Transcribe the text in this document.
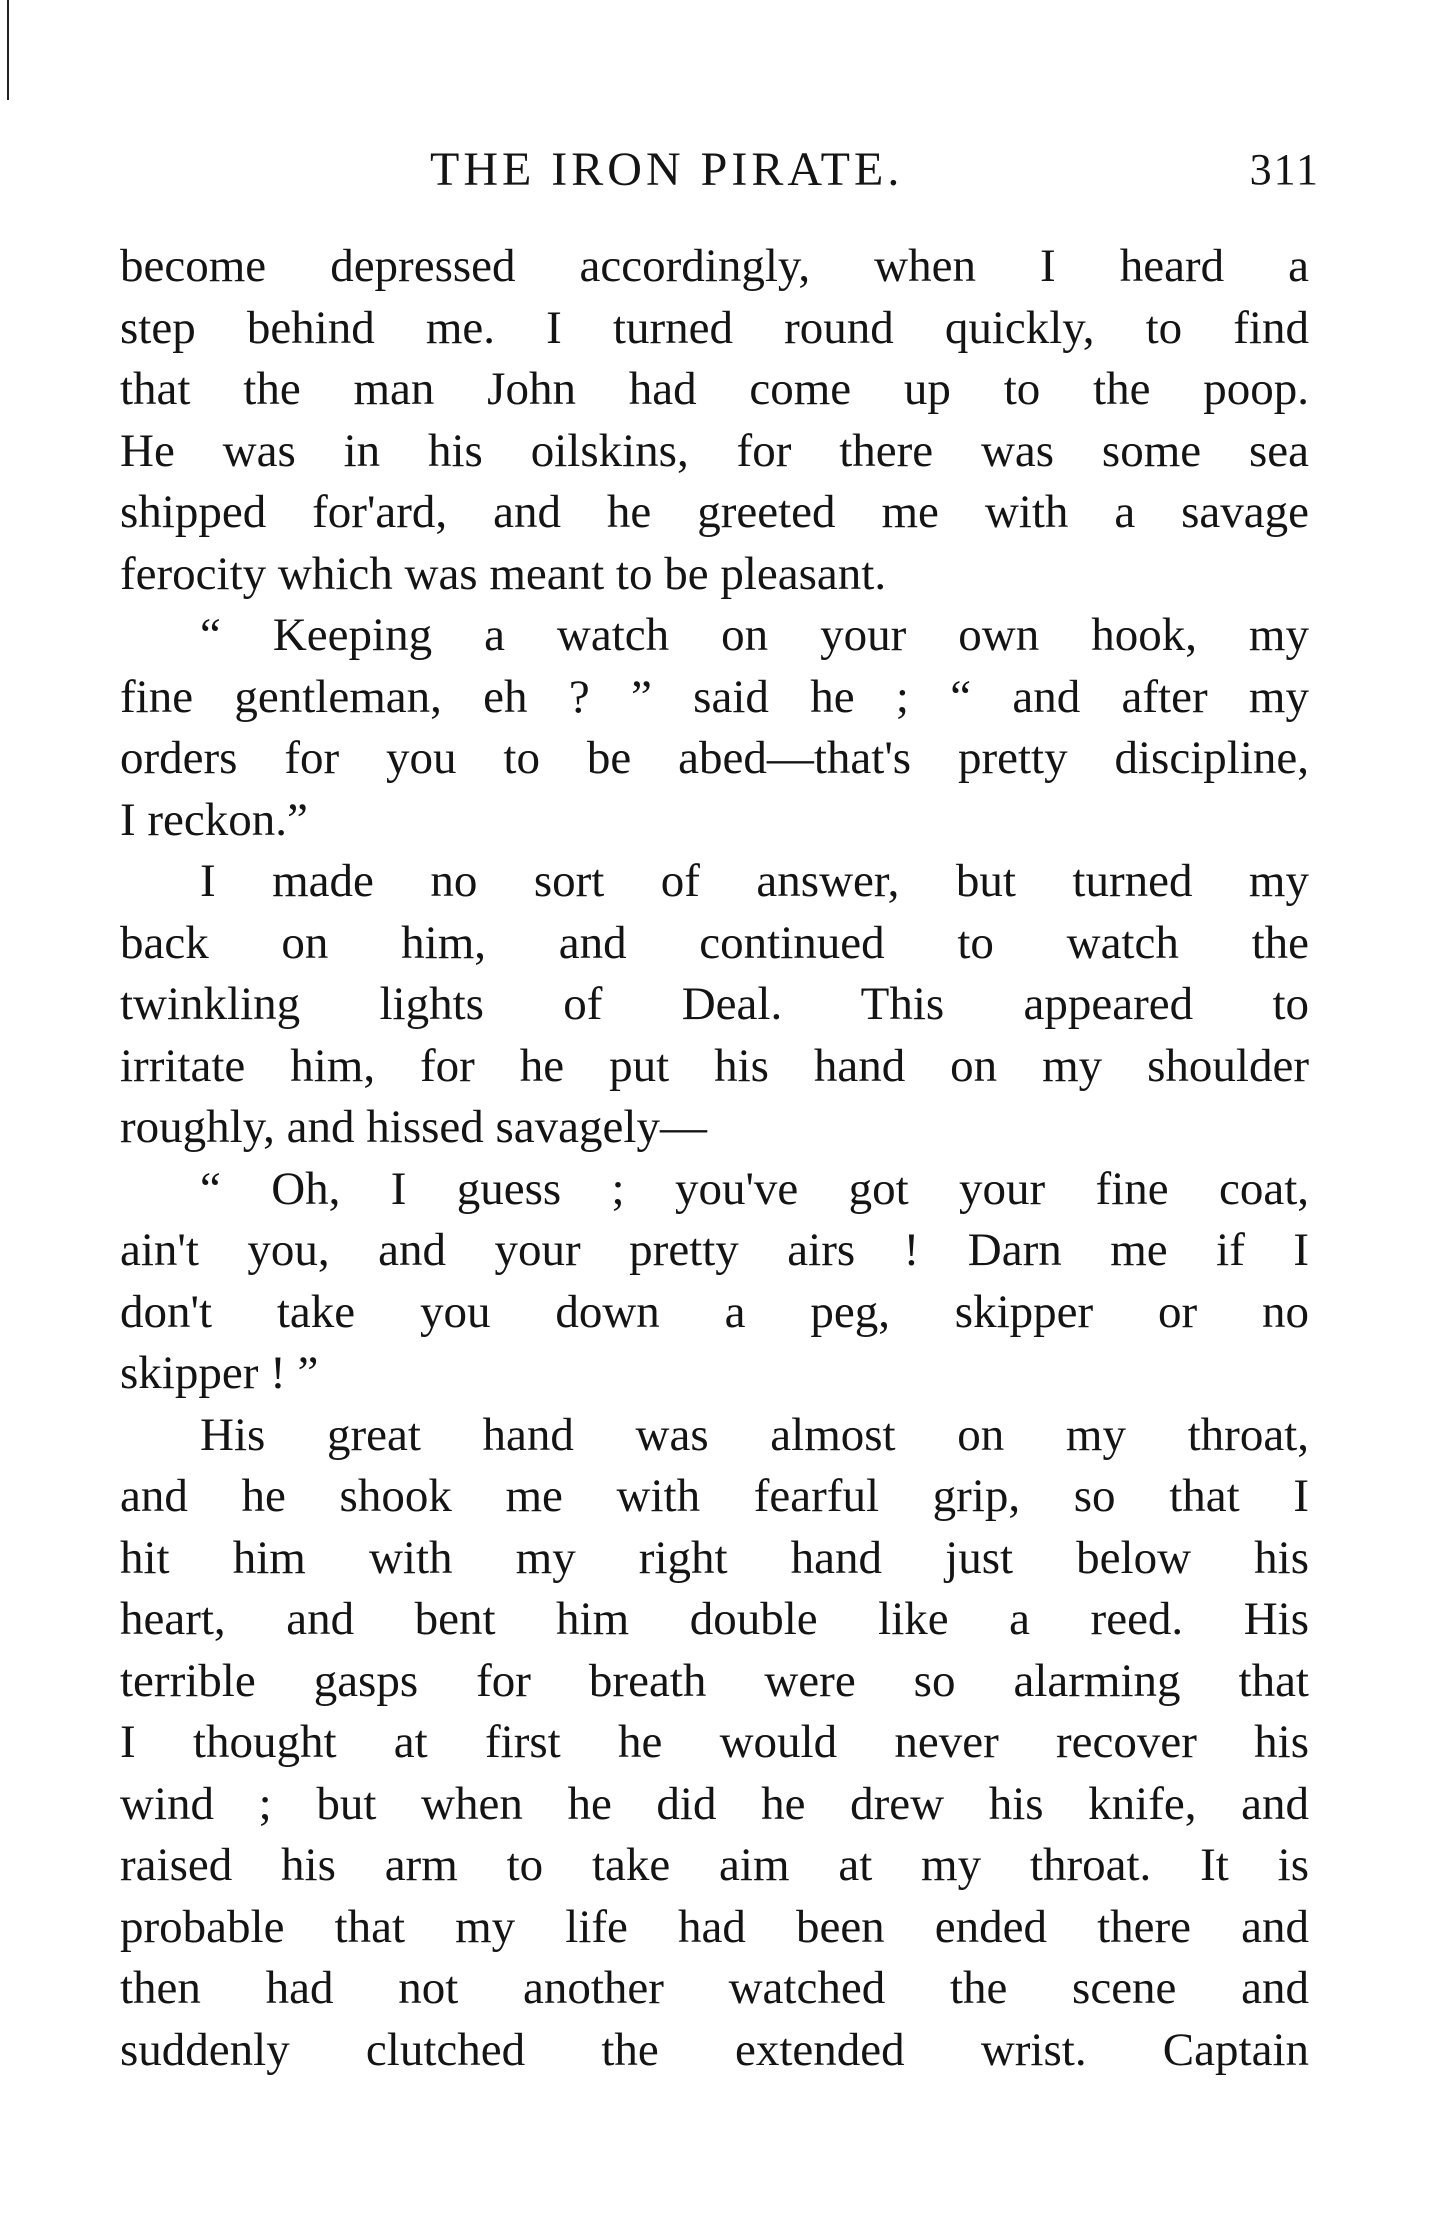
THE IRON PIRATE.	311
become depressed accordingly, when I heard a
step behind me. I turned round quickly, to find
that the man John had come up to the poop.
He was in his oilskins, for there was some sea
shipped for'ard, and he greeted me with a savage
ferocity which was meant to be pleasant.
“ Keeping a watch on your own hook, my
fine gentleman, eh ? ” said he ; “ and after my
orders for you to be abed—that's pretty discipline,
I reckon.”
I made no sort of answer, but turned my
back on him, and continued to watch the
twinkling lights of Deal. This appeared to
irritate him, for he put his hand on my shoulder
roughly, and hissed savagely—
“ Oh, I guess ; you've got your fine coat,
ain't you, and your pretty airs ! Darn me if I
don't take you down a peg, skipper or no
skipper ! ”
His great hand was almost on my throat,
and he shook me with fearful grip, so that I
hit him with my right hand just below his
heart, and bent him double like a reed. His
terrible gasps for breath were so alarming that
I thought at first he would never recover his
wind ; but when he did he drew his knife, and
raised his arm to take aim at my throat. It is
probable that my life had been ended there and
then had not another watched the scene and
suddenly clutched the extended wrist. Captain
